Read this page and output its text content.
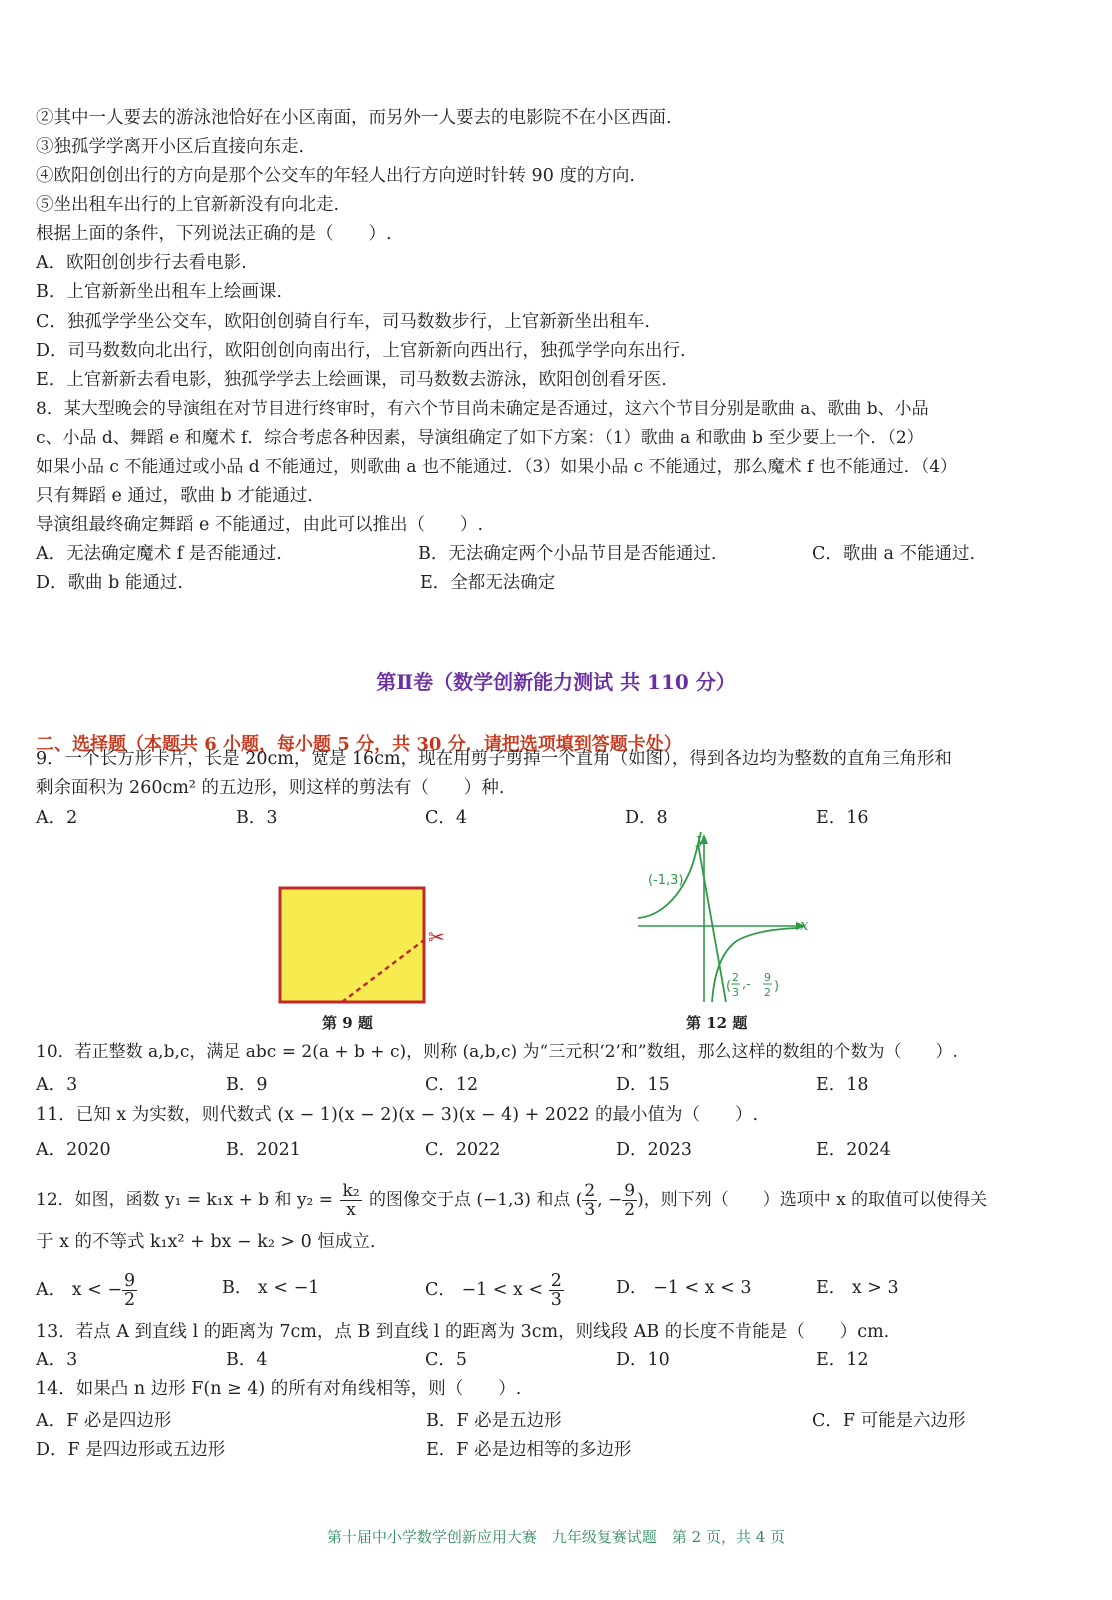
②其中一人要去的游泳池恰好在小区南面，而另外一人要去的电影院不在小区西面.
③独孤学学离开小区后直接向东走.
④欧阳创创出行的方向是那个公交车的年轻人出行方向逆时针转 90 度的方向.
⑤坐出租车出行的上官新新没有向北走.
根据上面的条件，下列说法正确的是（　　）.
A．欧阳创创步行去看电影.
B．上官新新坐出租车上绘画课.
C．独孤学学坐公交车，欧阳创创骑自行车，司马数数步行，上官新新坐出租车.
D．司马数数向北出行，欧阳创创向南出行，上官新新向西出行，独孤学学向东出行.
E．上官新新去看电影，独孤学学去上绘画课，司马数数去游泳，欧阳创创看牙医.
8．某大型晚会的导演组在对节目进行终审时，有六个节目尚未确定是否通过，这六个节目分别是歌曲 a、歌曲 b、小品
c、小品 d、舞蹈 e 和魔术 f．综合考虑各种因素，导演组确定了如下方案：（1）歌曲 a 和歌曲 b 至少要上一个．（2）
如果小品 c 不能通过或小品 d 不能通过，则歌曲 a 也不能通过．（3）如果小品 c 不能通过，那么魔术 f 也不能通过．（4）
只有舞蹈 e 通过，歌曲 b 才能通过.
导演组最终确定舞蹈 e 不能通过，由此可以推出（　　）.
A．无法确定魔术 f 是否能通过.	B．无法确定两个小品节目是否能通过.	C．歌曲 a 不能通过.
D．歌曲 b 能通过.	E．全都无法确定
第Ⅱ卷（数学创新能力测试 共 110 分）
二、选择题（本题共 6 小题，每小题 5 分，共 30 分．请把选项填到答题卡处）
9．一个长方形卡片，长是 20cm，宽是 16cm，现在用剪子剪掉一个直角（如图），得到各边均为整数的直角三角形和
剩余面积为 260cm² 的五边形，则这样的剪法有（　　）种.
A．2	B．3	C．4	D．8	E．16
✂
第 9 题
x
y
(-1,3)
(
2
3
,- 9
2 )
第 12 题
10．若正整数 a,b,c，满足 abc = 2(a + b + c)，则称 (a,b,c) 为“三元积‘2’和”数组，那么这样的数组的个数为（　　）.
A．3	B．9	C．12	D．15	E．18
11．已知 x 为实数，则代数式 (x − 1)(x − 2)(x − 3)(x − 4) + 2022 的最小值为（　　）.
A．2020	B．2021	C．2022	D．2023	E．2024
12．如图，函数 y₁ = k₁x + b 和 $y_2 = \frac{\text{k₂}}{x}$ 的图像交于点 (−1,3) 和点 ( $\frac{2}{3}$ , − $\frac{9}{2}$ )，则下列（　　）选项中 x 的取值可以使得关
于 x 的不等式 k₁x² + bx − k₂ > 0 恒成立.
A． x < − $\frac{9}{2}$	B． x < −1	C． $-1 < x < \frac{2}{3}$	D． −1 < x < 3	E． x > 3
13．若点 A 到直线 l 的距离为 7cm，点 B 到直线 l 的距离为 3cm，则线段 AB 的长度不肯能是（　　）cm.
A．3	B．4	C．5	D．10	E．12
14．如果凸 n 边形 F(n ≥ 4) 的所有对角线相等，则（　　）.
A．F 必是四边形	B．F 必是五边形	C．F 可能是六边形
D．F 是四边形或五边形	E．F 必是边相等的多边形
第十届中小学数学创新应用大赛　九年级复赛试题　第 2 页，共 4 页
